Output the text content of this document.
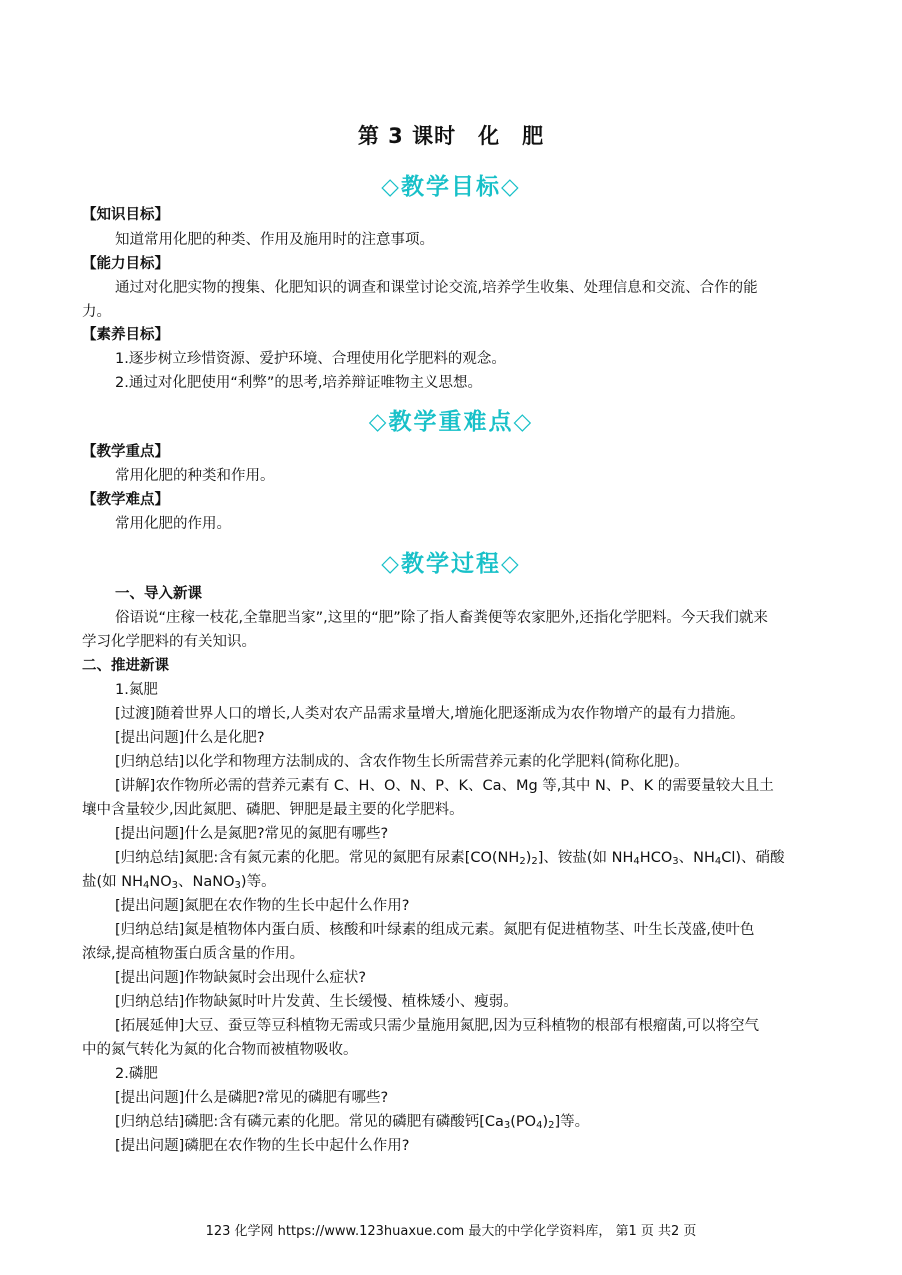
第 3 课时　化　肥
◇教学目标◇
【知识目标】
知道常用化肥的种类、作用及施用时的注意事项。
【能力目标】
通过对化肥实物的搜集、化肥知识的调查和课堂讨论交流,培养学生收集、处理信息和交流、合作的能
力。
【素养目标】
1.逐步树立珍惜资源、爱护环境、合理使用化学肥料的观念。
2.通过对化肥使用“利弊”的思考,培养辩证唯物主义思想。
◇教学重难点◇
【教学重点】
常用化肥的种类和作用。
【教学难点】
常用化肥的作用。
◇教学过程◇
一、导入新课
俗语说“庄稼一枝花,全靠肥当家”,这里的“肥”除了指人畜粪便等农家肥外,还指化学肥料。今天我们就来
学习化学肥料的有关知识。
二、推进新课
1.氮肥
[过渡]随着世界人口的增长,人类对农产品需求量增大,增施化肥逐渐成为农作物增产的最有力措施。
[提出问题]什么是化肥?
[归纳总结]以化学和物理方法制成的、含农作物生长所需营养元素的化学肥料(简称化肥)。
[讲解]农作物所必需的营养元素有 C、H、O、N、P、K、Ca、Mg 等,其中 N、P、K 的需要量较大且土
壤中含量较少,因此氮肥、磷肥、钾肥是最主要的化学肥料。
[提出问题]什么是氮肥?常见的氮肥有哪些?
[归纳总结]氮肥:含有氮元素的化肥。常见的氮肥有尿素$[CO(NH_2)_2]$、铵盐(如 $NH_4HCO_3$、$NH_4Cl$)、硝酸
盐(如 $NH_4NO_3$、NaNO$_3$)等。
[提出问题]氮肥在农作物的生长中起什么作用?
[归纳总结]氮是植物体内蛋白质、核酸和叶绿素的组成元素。氮肥有促进植物茎、叶生长茂盛,使叶色
浓绿,提高植物蛋白质含量的作用。
[提出问题]作物缺氮时会出现什么症状?
[归纳总结]作物缺氮时叶片发黄、生长缓慢、植株矮小、瘦弱。
[拓展延伸]大豆、蚕豆等豆科植物无需或只需少量施用氮肥,因为豆科植物的根部有根瘤菌,可以将空气
中的氮气转化为氮的化合物而被植物吸收。
2.磷肥
[提出问题]什么是磷肥?常见的磷肥有哪些?
[归纳总结]磷肥:含有磷元素的化肥。常见的磷肥有磷酸钙$[Ca_3(PO_4)_2]$等。
[提出问题]磷肥在农作物的生长中起什么作用?
123 化学网 https://www.123huaxue.com 最大的中学化学资料库， 第1 页 共2 页
